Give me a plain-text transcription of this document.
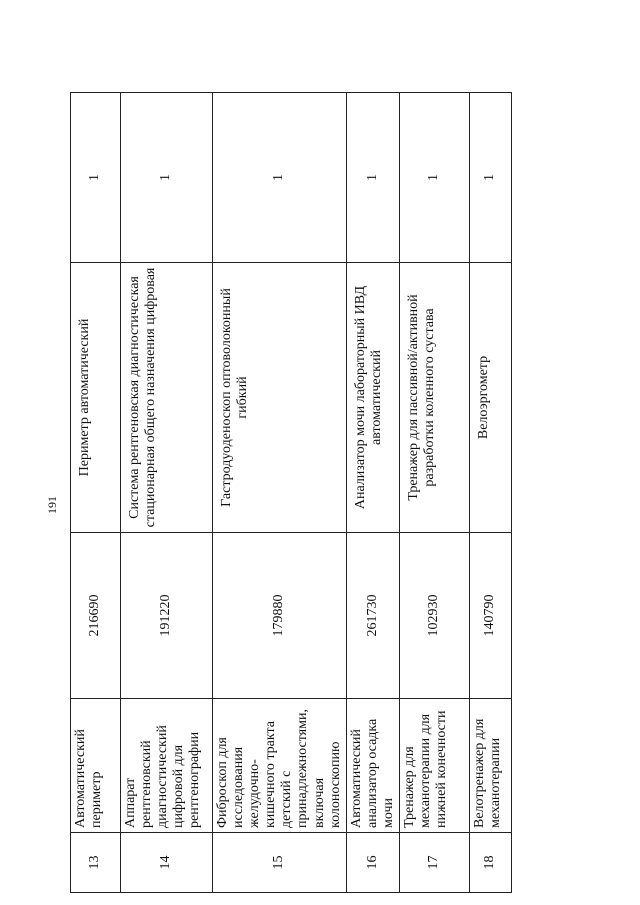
191
13	Автоматический периметр	216690	Периметр автоматический	1
14	Аппарат рентгеновский диагностический цифровой для рентгенографии	191220	Система рентгеновская диагностическая стационарная общего назначения цифровая	1
15	Фиброскоп для исследования желудочно-кишечного тракта детский с принадлежностями, включая колоноскопию	179880	Гастродуоденоскоп оптоволоконный гибкий	1
16	Автоматический анализатор осадка мочи	261730	Анализатор мочи лабораторный ИВД автоматический	1
17	Тренажер для механотерапии для нижней конечности	102930	Тренажер для пассивной/активной разработки коленного сустава	1
18	Велотренажер для механотерапии	140790	Велоэргометр	1
